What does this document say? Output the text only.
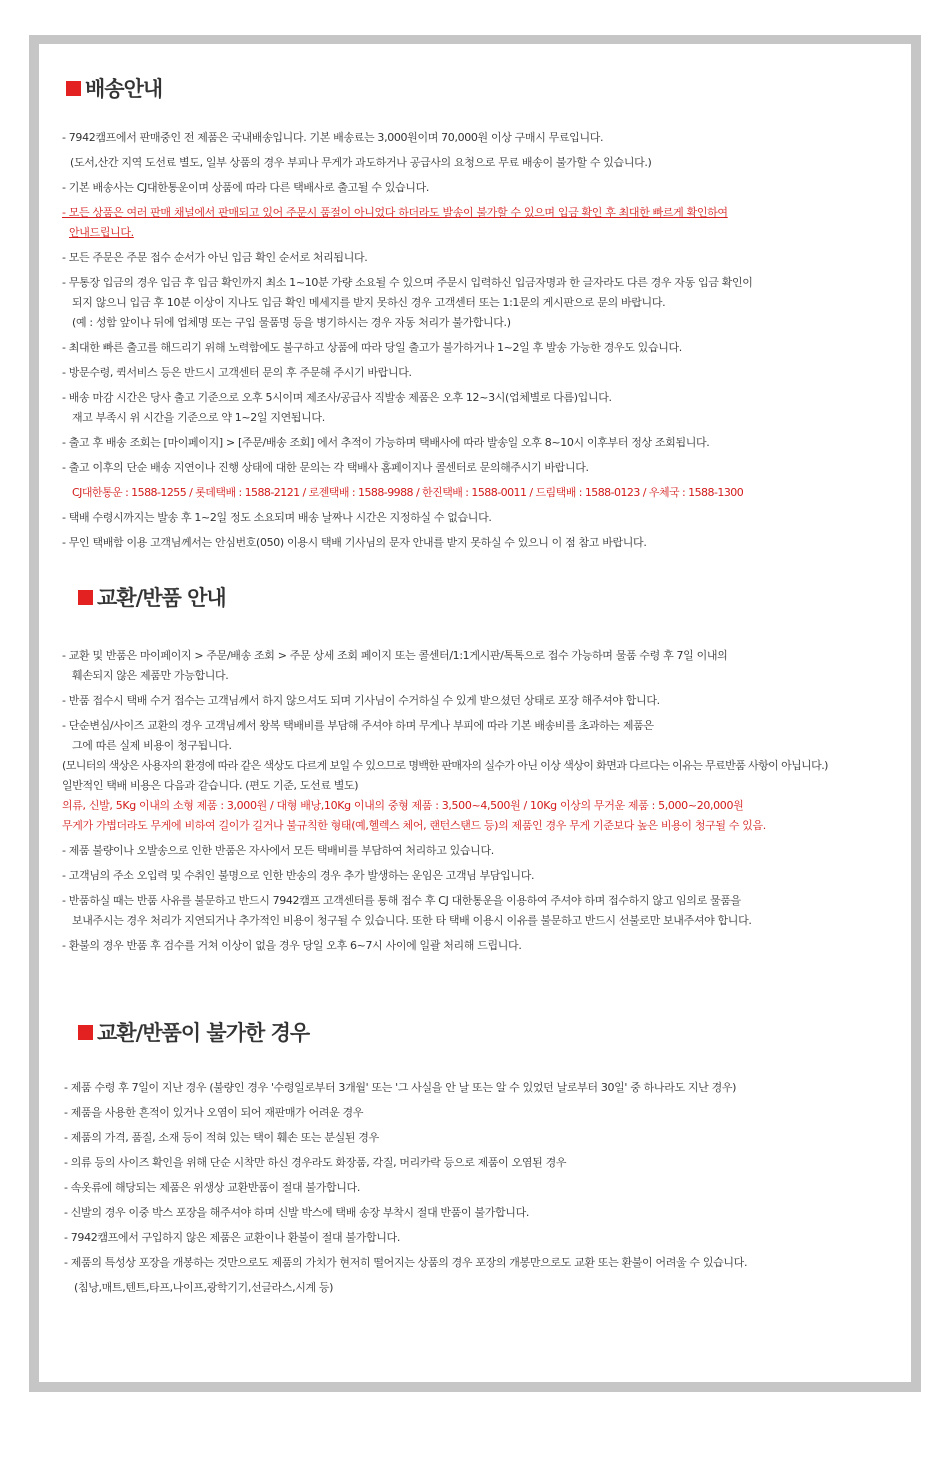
배송안내
- 7942캠프에서 판매중인 전 제품은 국내배송입니다. 기본 배송료는 3,000원이며 70,000원 이상 구매시 무료입니다.
(도서,산간 지역 도선료 별도, 일부 상품의 경우 부피나 무게가 과도하거나 공급사의 요청으로 무료 배송이 불가할 수 있습니다.)
- 기본 배송사는 CJ대한통운이며 상품에 따라 다른 택배사로 출고될 수 있습니다.
- 모든 상품은 여러 판매 채널에서 판매되고 있어 주문시 품절이 아니었다 하더라도 발송이 불가할 수 있으며 입금 확인 후 최대한 빠르게 확인하여
안내드립니다.
- 모든 주문은 주문 접수 순서가 아닌 입금 확인 순서로 처리됩니다.
- 무통장 입금의 경우 입금 후 입금 확인까지 최소 1~10분 가량 소요될 수 있으며 주문시 입력하신 입금자명과 한 글자라도 다른 경우 자동 입금 확인이
되지 않으니 입금 후 10분 이상이 지나도 입금 확인 메세지를 받지 못하신 경우 고객센터 또는 1:1문의 게시판으로 문의 바랍니다.
(예 : 성함 앞이나 뒤에 업체명 또는 구입 물품명 등을 병기하시는 경우 자동 처리가 불가합니다.)
- 최대한 빠른 출고를 해드리기 위해 노력함에도 불구하고 상품에 따라 당일 출고가 불가하거나 1~2일 후 발송 가능한 경우도 있습니다.
- 방문수령, 퀵서비스 등은 반드시 고객센터 문의 후 주문해 주시기 바랍니다.
- 배송 마감 시간은 당사 출고 기준으로 오후 5시이며 제조사/공급사 직발송 제품은 오후 12~3시(업체별로 다름)입니다.
재고 부족시 위 시간을 기준으로 약 1~2일 지연됩니다.
- 출고 후 배송 조회는 [마이페이지] > [주문/배송 조회] 에서 추적이 가능하며 택배사에 따라 발송일 오후 8~10시 이후부터 정상 조회됩니다.
- 출고 이후의 단순 배송 지연이나 진행 상태에 대한 문의는 각 택배사 홈페이지나 콜센터로 문의해주시기 바랍니다.
CJ대한통운 : 1588-1255 / 롯데택배 : 1588-2121 / 로젠택배 : 1588-9988 / 한진택배 : 1588-0011 / 드림택배 : 1588-0123 / 우체국 : 1588-1300
- 택배 수령시까지는 발송 후 1~2일 정도 소요되며 배송 날짜나 시간은 지정하실 수 없습니다.
- 무인 택배함 이용 고객님께서는 안심번호(050) 이용시 택배 기사님의 문자 안내를 받지 못하실 수 있으니 이 점 참고 바랍니다.
교환/반품 안내
- 교환 및 반품은 마이페이지 > 주문/배송 조회 > 주문 상세 조회 페이지 또는 콜센터/1:1게시판/톡톡으로 접수 가능하며 물품 수령 후 7일 이내의
훼손되지 않은 제품만 가능합니다.
- 반품 접수시 택배 수거 접수는 고객님께서 하지 않으셔도 되며 기사님이 수거하실 수 있게 받으셨던 상태로 포장 해주셔야 합니다.
- 단순변심/사이즈 교환의 경우 고객님께서 왕복 택배비를 부담해 주셔야 하며 무게나 부피에 따라 기본 배송비를 초과하는 제품은
그에 따른 실제 비용이 청구됩니다.
(모니터의 색상은 사용자의 환경에 따라 같은 색상도 다르게 보일 수 있으므로 명백한 판매자의 실수가 아닌 이상 색상이 화면과 다르다는 이유는 무료반품 사항이 아닙니다.)
일반적인 택배 비용은 다음과 같습니다. (편도 기준, 도선료 별도)
의류, 신발, 5Kg 이내의 소형 제품 : 3,000원 / 대형 배낭,10Kg 이내의 중형 제품 : 3,500~4,500원 / 10Kg 이상의 무거운 제품 : 5,000~20,000원
무게가 가볍더라도 무게에 비하여 길이가 길거나 불규칙한 형태(예,헬렉스 체어, 랜턴스탠드 등)의 제품인 경우 무게 기준보다 높은 비용이 청구될 수 있음.
- 제품 불량이나 오발송으로 인한 반품은 자사에서 모든 택배비를 부담하여 처리하고 있습니다.
- 고객님의 주소 오입력 및 수취인 불명으로 인한 반송의 경우 추가 발생하는 운임은 고객님 부담입니다.
- 반품하실 때는 반품 사유를 불문하고 반드시 7942캠프 고객센터를 통해 접수 후 CJ 대한통운을 이용하여 주셔야 하며 접수하지 않고 임의로 물품을
보내주시는 경우 처리가 지연되거나 추가적인 비용이 청구될 수 있습니다. 또한 타 택배 이용시 이유를 불문하고 반드시 선불로만 보내주셔야 합니다.
- 환불의 경우 반품 후 검수를 거쳐 이상이 없을 경우 당일 오후 6~7시 사이에 일괄 처리해 드립니다.
교환/반품이 불가한 경우
- 제품 수령 후 7일이 지난 경우 (불량인 경우 '수령일로부터 3개월' 또는 '그 사실을 안 날 또는 알 수 있었던 날로부터 30일' 중 하나라도 지난 경우)
- 제품을 사용한 흔적이 있거나 오염이 되어 재판매가 어려운 경우
- 제품의 가격, 품질, 소재 등이 적혀 있는 택이 훼손 또는 분실된 경우
- 의류 등의 사이즈 확인을 위해 단순 시착만 하신 경우라도 화장품, 각질, 머리카락 등으로 제품이 오염된 경우
- 속옷류에 해당되는 제품은 위생상 교환반품이 절대 불가합니다.
- 신발의 경우 이중 박스 포장을 해주셔야 하며 신발 박스에 택배 송장 부착시 절대 반품이 불가합니다.
- 7942캠프에서 구입하지 않은 제품은 교환이나 환불이 절대 불가합니다.
- 제품의 특성상 포장을 개봉하는 것만으로도 제품의 가치가 현저히 떨어지는 상품의 경우 포장의 개봉만으로도 교환 또는 환불이 어려울 수 있습니다.
(침낭,매트,텐트,타프,나이프,광학기기,선글라스,시계 등)
